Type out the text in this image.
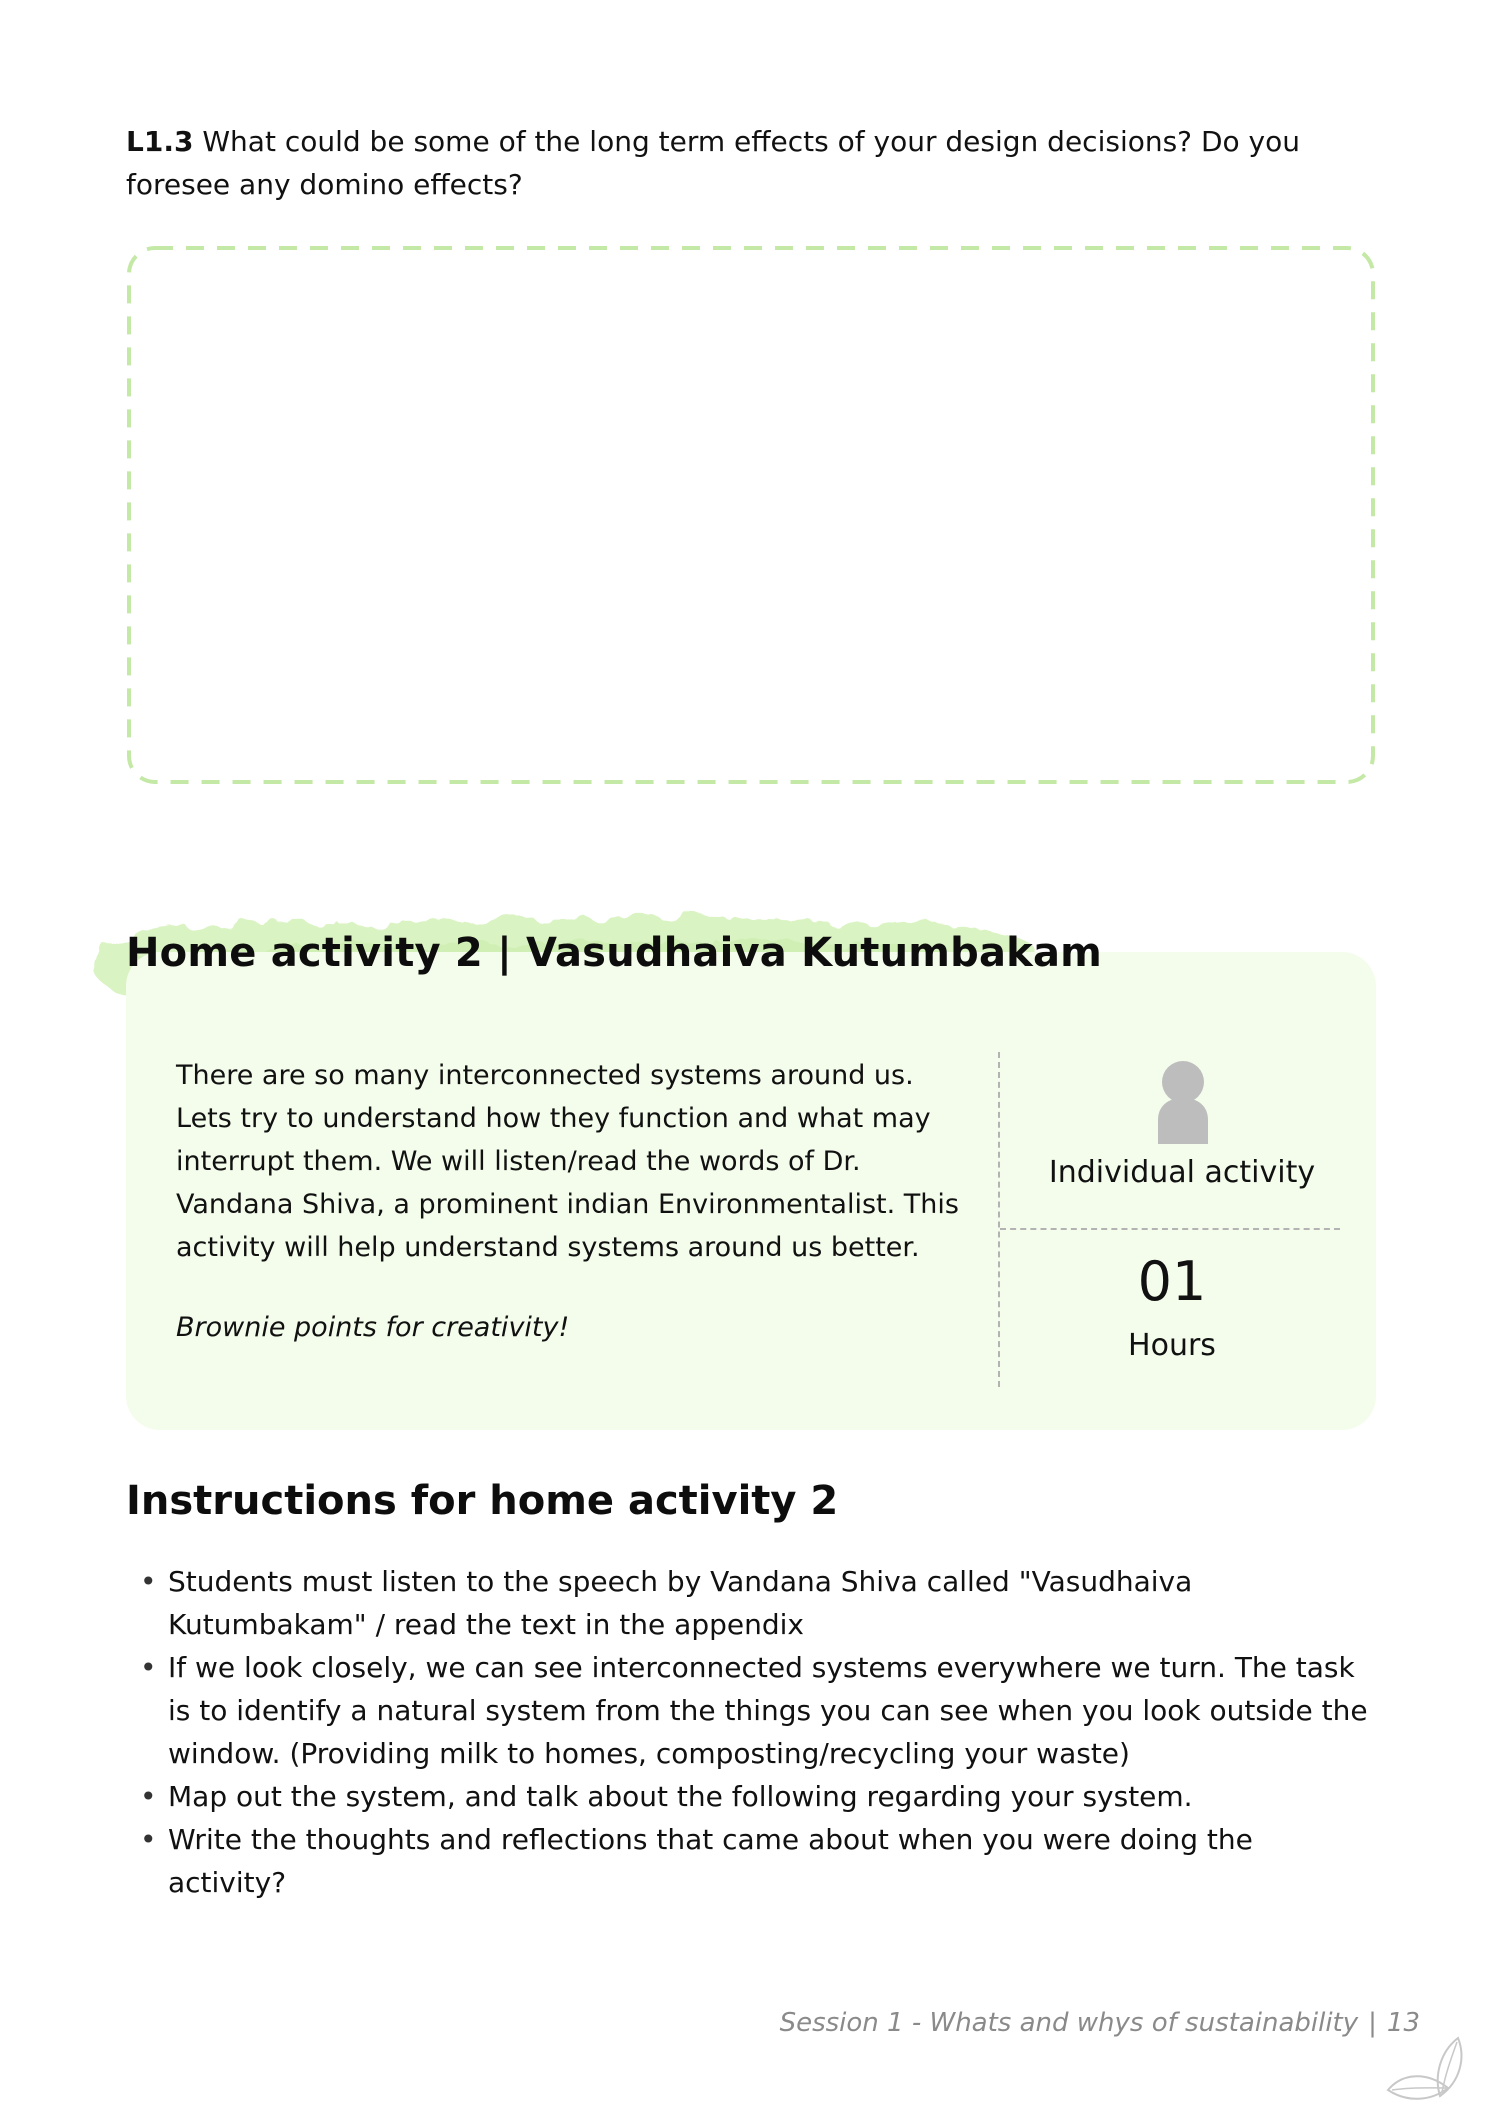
L1.3 What could be some of the long term effects of your design decisions? Do you foresee any domino effects?
Home activity 2 | Vasudhaiva Kutumbakam
There are so many interconnected systems around us. Lets try to understand how they function and what may interrupt them. We will listen/read the words of Dr. Vandana Shiva, a prominent indian Environmentalist. This activity will help understand systems around us better.
Brownie points for creativity!
Individual activity
01
Hours
Instructions for home activity 2
• Students must listen to the speech by Vandana Shiva called "Vasudhaiva Kutumbakam" / read the text in the appendix
• If we look closely, we can see interconnected systems everywhere we turn. The task is to identify a natural system from the things you can see when you look outside the window. (Providing milk to homes, composting/recycling your waste)
• Map out the system, and talk about the following regarding your system.
• Write the thoughts and reflections that came about when you were doing the activity?
Session 1 - Whats and whys of sustainability | 13
